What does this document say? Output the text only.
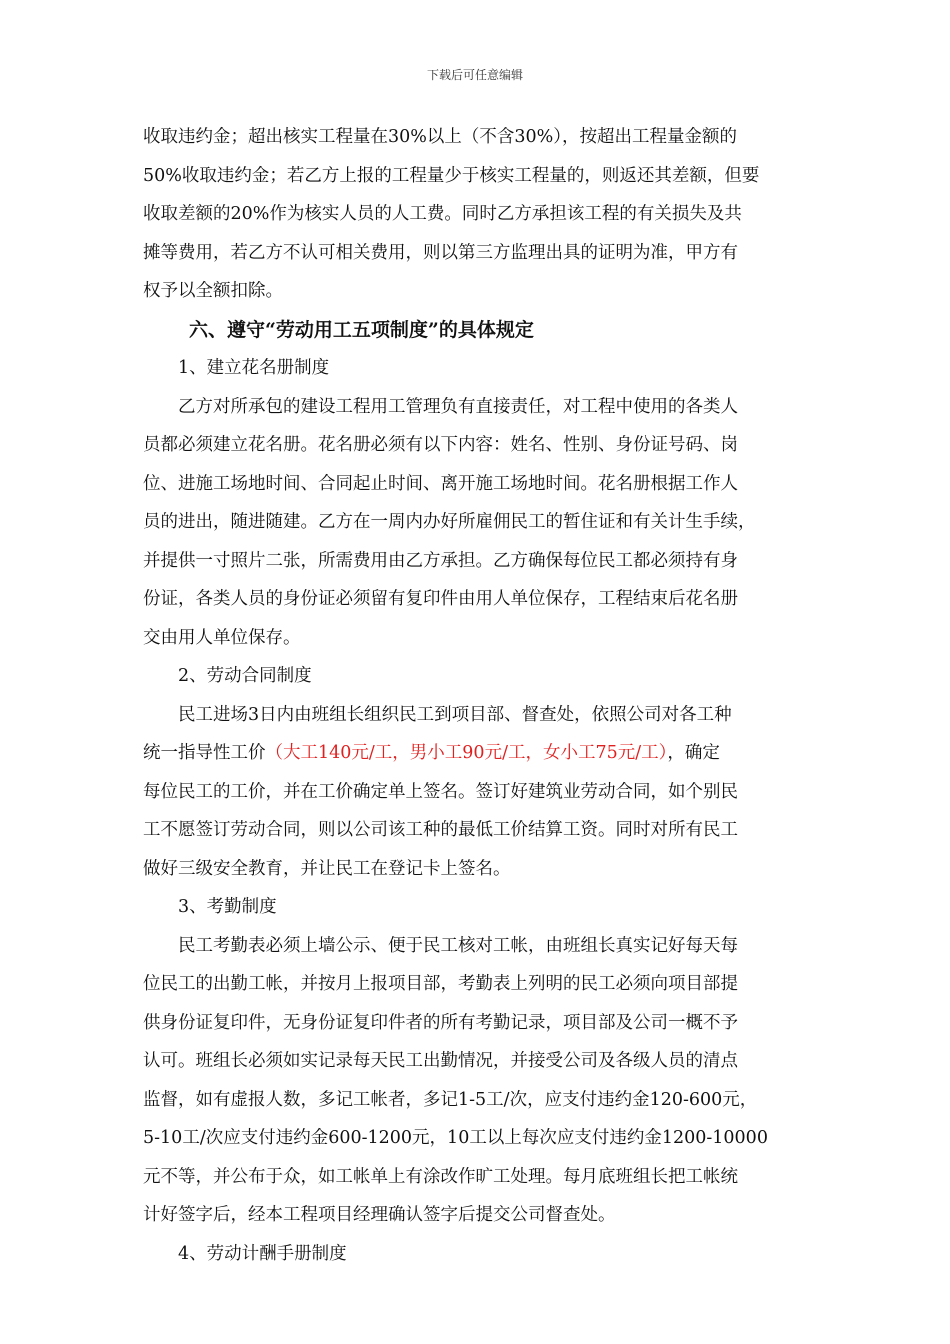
下载后可任意编辑
收取违约金；超出核实工程量在30%以上（不含30%），按超出工程量金额的
50%收取违约金；若乙方上报的工程量少于核实工程量的，则返还其差额，但要
收取差额的20%作为核实人员的人工费。同时乙方承担该工程的有关损失及共
摊等费用，若乙方不认可相关费用，则以第三方监理出具的证明为准，甲方有
权予以全额扣除。
六、遵守“劳动用工五项制度”的具体规定
1、建立花名册制度
乙方对所承包的建设工程用工管理负有直接责任，对工程中使用的各类人
员都必须建立花名册。花名册必须有以下内容：姓名、性别、身份证号码、岗
位、进施工场地时间、合同起止时间、离开施工场地时间。花名册根据工作人
员的进出，随进随建。乙方在一周内办好所雇佣民工的暂住证和有关计生手续，
并提供一寸照片二张，所需费用由乙方承担。乙方确保每位民工都必须持有身
份证，各类人员的身份证必须留有复印件由用人单位保存，工程结束后花名册
交由用人单位保存。
2、劳动合同制度
民工进场3日内由班组长组织民工到项目部、督查处，依照公司对各工种
统一指导性工价（大工140元/工，男小工90元/工，女小工75元/工），确定
每位民工的工价，并在工价确定单上签名。签订好建筑业劳动合同，如个别民
工不愿签订劳动合同，则以公司该工种的最低工价结算工资。同时对所有民工
做好三级安全教育，并让民工在登记卡上签名。
3、考勤制度
民工考勤表必须上墙公示、便于民工核对工帐，由班组长真实记好每天每
位民工的出勤工帐，并按月上报项目部，考勤表上列明的民工必须向项目部提
供身份证复印件，无身份证复印件者的所有考勤记录，项目部及公司一概不予
认可。班组长必须如实记录每天民工出勤情况，并接受公司及各级人员的清点
监督，如有虚报人数，多记工帐者，多记1-5工/次，应支付违约金120-600元，
5-10工/次应支付违约金600-1200元，10工以上每次应支付违约金1200-10000
元不等，并公布于众，如工帐单上有涂改作旷工处理。每月底班组长把工帐统
计好签字后，经本工程项目经理确认签字后提交公司督查处。
4、劳动计酬手册制度
